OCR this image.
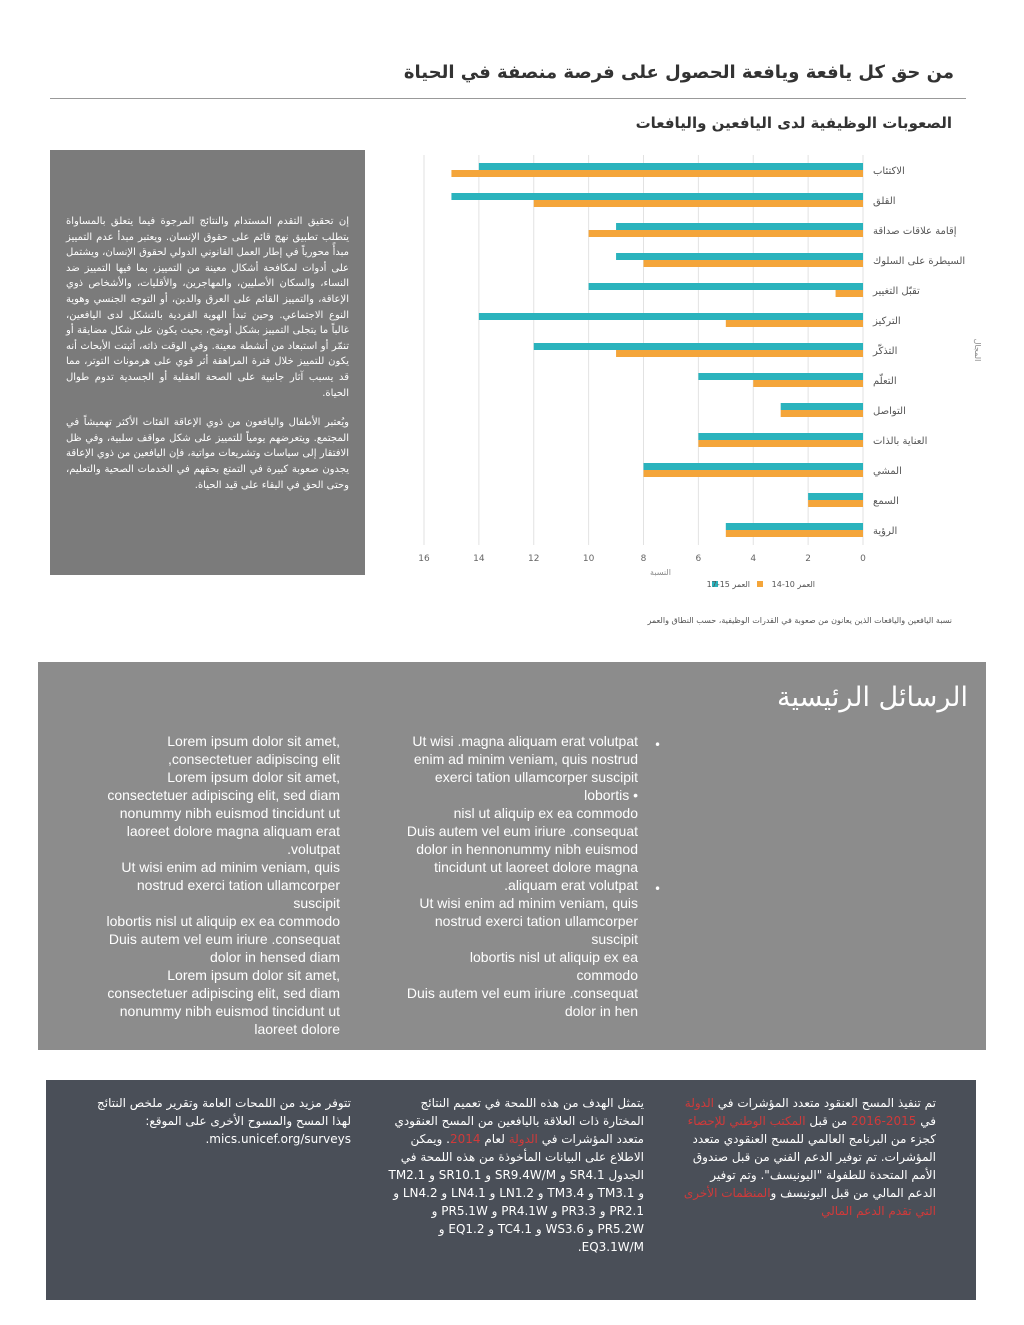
من حق كل يافعة ويافعة الحصول على فرصة منصفة في الحياة
الصعوبات الوظيفية لدى اليافعين واليافعات

إن تحقيق التقدم المستدام والنتائج المرجوة فيما يتعلق بالمساواة يتطلب تطبيق نهج قائم على حقوق الإنسان. ويعتبر مبدأ عدم التمييز مبدأً محورياً في إطار العمل القانوني الدولي لحقوق الإنسان، ويشتمل على أدوات لمكافحة أشكال معينة من التمييز، بما فيها التمييز ضد النساء، والسكان الأصليين، والمهاجرين، والأقليات، والأشخاص ذوي الإعاقة، والتمييز القائم على العرق والدين، أو التوجه الجنسي وهوية النوع الاجتماعي. وحين تبدأ الهوية الفردية بالتشكل لدى اليافعين، غالباً ما يتجلى التمييز بشكل أوضح، بحيث يكون على شكل مضايقة أو تنمّر أو استبعاد من أنشطة معينة. وفي الوقت ذاته، أثبتت الأبحاث أنه يكون للتمييز خلال فترة المراهقة أثر قوي على هرمونات التوتر، مما قد يسبب آثار جانبية على الصحة العقلية أو الجسدية تدوم طوال الحياة.

ويُعتبر الأطفال واليافعون من ذوي الإعاقة الفئات الأكثر تهميشاً في المجتمع. ويتعرضهم يومياً للتمييز على شكل مواقف سلبية، وفي ظل الافتقار إلى سياسات وتشريعات مواتية، فإن اليافعين من ذوي الإعاقة يجدون صعوبة كبيرة في التمتع بحقهم في الخدمات الصحية والتعليم، وحتى الحق في البقاء على قيد الحياة.

0
2
4
6
8
10
12
14
16
الاكتئاب
القلق
إقامة علاقات صداقة
السيطرة على السلوك
تقبّل التغيير
التركيز
التذكّر
التعلّم
التواصل
العناية بالذات
المشي
السمع
الرؤية
النسبة
المجال
العمر 15-17	العمر 10-14
نسبة اليافعين واليافعات الذين يعانون من صعوبة في القدرات الوظيفية، حسب النطاق والعمر
الرسائل الرئيسية
•
•

Ut wisi .magna aliquam erat volutpat

enim ad minim veniam, quis nostrud

exerci tation ullamcorper suscipit lobortis •

nisl ut aliquip ex ea commodo

Duis autem vel eum iriure .consequat

dolor in hennonummy nibh euismod

tincidunt ut laoreet dolore magna

.aliquam erat volutpat

Ut wisi enim ad minim veniam, quis

nostrud exerci tation ullamcorper suscipit

lobortis nisl ut aliquip ex ea commodo

Duis autem vel eum iriure .consequat

dolor in hen

Lorem ipsum dolor sit amet,

,consectetuer adipiscing elit

Lorem ipsum dolor sit amet,

consectetuer adipiscing elit, sed diam

nonummy nibh euismod tincidunt ut

laoreet dolore magna aliquam erat

.volutpat

Ut wisi enim ad minim veniam, quis

nostrud exerci tation ullamcorper suscipit

lobortis nisl ut aliquip ex ea commodo

Duis autem vel eum iriure .consequat

dolor in hensed diam

Lorem ipsum dolor sit amet,

consectetuer adipiscing elit, sed diam

nonummy nibh euismod tincidunt ut

laoreet dolore

تم تنفيذ المسح العنقود متعدد المؤشرات في الدولة في 2015-2016 من قبل المكتب الوطني للإحصاء كجزء من البرنامج العالمي للمسح العنقودي متعدد المؤشرات. تم توفير الدعم الفني من قبل صندوق الأمم المتحدة للطفولة "اليونيسف". وتم توفير الدعم المالي من قبل اليونيسف والمنظمات الأخرى التي تقدم الدعم المالي

يتمثل الهدف من هذه اللمحة في تعميم النتائج المختارة ذات العلاقة باليافعين من المسح العنقودي متعدد المؤشرات في الدولة لعام 2014. ويمكن الاطلاع على البيانات المأخوذة من هذه اللمحة في الجدول SR4.1 و SR9.4W/M و SR10.1 و TM2.1 و TM3.1 و TM3.4 و LN1.2 و LN4.1 و LN4.2 و PR2.1 و PR3.3 و PR4.1W و PR5.1W و PR5.2W و WS3.6 و TC4.1 و EQ1.2 و EQ3.1W/M.

تتوفر مزيد من اللمحات العامة وتقرير ملخص النتائج لهذا المسح والمسوح الأخرى على الموقع:

mics.unicef.org/surveys.
